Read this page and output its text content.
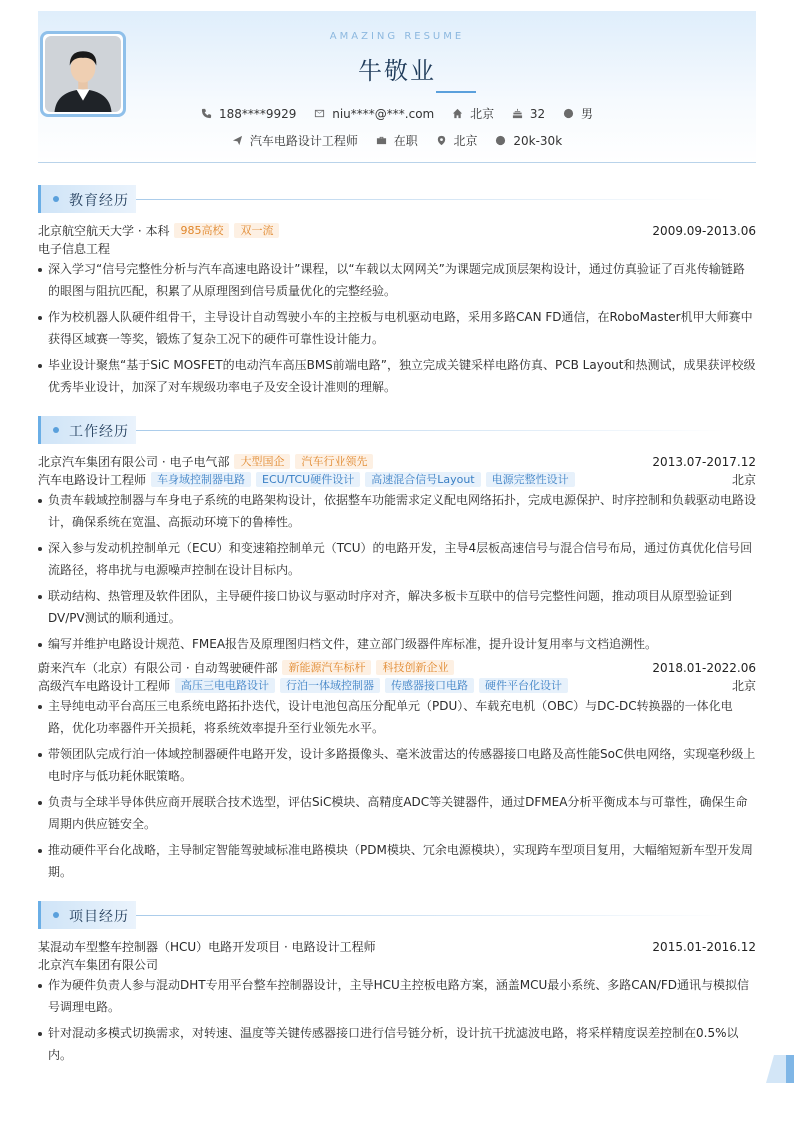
AMAZING RESUME
牛敬业
188****9929	niu****@***.com	北京	32	男
汽车电路设计工程师	在职	北京	20k-30k
教育经历
北京航空航天大学 · 本科 985高校 双一流	2009.09-2013.06
电子信息工程
深入学习“信号完整性分析与汽车高速电路设计”课程，以“车载以太网网关”为课题完成顶层架构设计，通过仿真验证了百兆传输链路的眼图与阻抗匹配，积累了从原理图到信号质量优化的完整经验。
作为校机器人队硬件组骨干，主导设计自动驾驶小车的主控板与电机驱动电路，采用多路CAN FD通信，在RoboMaster机甲大师赛中获得区域赛一等奖，锻炼了复杂工况下的硬件可靠性设计能力。
毕业设计聚焦“基于SiC MOSFET的电动汽车高压BMS前端电路”，独立完成关键采样电路仿真、PCB Layout和热测试，成果获评校级优秀毕业设计，加深了对车规级功率电子及安全设计准则的理解。
工作经历
北京汽车集团有限公司 · 电子电气部 大型国企 汽车行业领先	2013.07-2017.12
汽车电路设计工程师 车身域控制器电路 ECU/TCU硬件设计 高速混合信号Layout 电源完整性设计	北京
负责车载域控制器与车身电子系统的电路架构设计，依据整车功能需求定义配电网络拓扑，完成电源保护、时序控制和负载驱动电路设计，确保系统在宽温、高振动环境下的鲁棒性。
深入参与发动机控制单元（ECU）和变速箱控制单元（TCU）的电路开发，主导4层板高速信号与混合信号布局，通过仿真优化信号回流路径，将串扰与电源噪声控制在设计目标内。
联动结构、热管理及软件团队，主导硬件接口协议与驱动时序对齐，解决多板卡互联中的信号完整性问题，推动项目从原型验证到DV/PV测试的顺利通过。
编写并维护电路设计规范、FMEA报告及原理图归档文件，建立部门级器件库标准，提升设计复用率与文档追溯性。
蔚来汽车（北京）有限公司 · 自动驾驶硬件部 新能源汽车标杆 科技创新企业	2018.01-2022.06
高级汽车电路设计工程师 高压三电电路设计 行泊一体域控制器 传感器接口电路 硬件平台化设计	北京
主导纯电动平台高压三电系统电路拓扑迭代，设计电池包高压分配单元（PDU）、车载充电机（OBC）与DC-DC转换器的一体化电路，优化功率器件开关损耗，将系统效率提升至行业领先水平。
带领团队完成行泊一体域控制器硬件电路开发，设计多路摄像头、毫米波雷达的传感器接口电路及高性能SoC供电网络，实现毫秒级上电时序与低功耗休眠策略。
负责与全球半导体供应商开展联合技术选型，评估SiC模块、高精度ADC等关键器件，通过DFMEA分析平衡成本与可靠性，确保生命周期内供应链安全。
推动硬件平台化战略，主导制定智能驾驶域标准电路模块（PDM模块、冗余电源模块），实现跨车型项目复用，大幅缩短新车型开发周期。
项目经历
某混动车型整车控制器（HCU）电路开发项目 · 电路设计工程师	2015.01-2016.12
北京汽车集团有限公司
作为硬件负责人参与混动DHT专用平台整车控制器设计，主导HCU主控板电路方案，涵盖MCU最小系统、多路CAN/FD通讯与模拟信号调理电路。
针对混动多模式切换需求，对转速、温度等关键传感器接口进行信号链分析，设计抗干扰滤波电路，将采样精度误差控制在0.5%以内。
